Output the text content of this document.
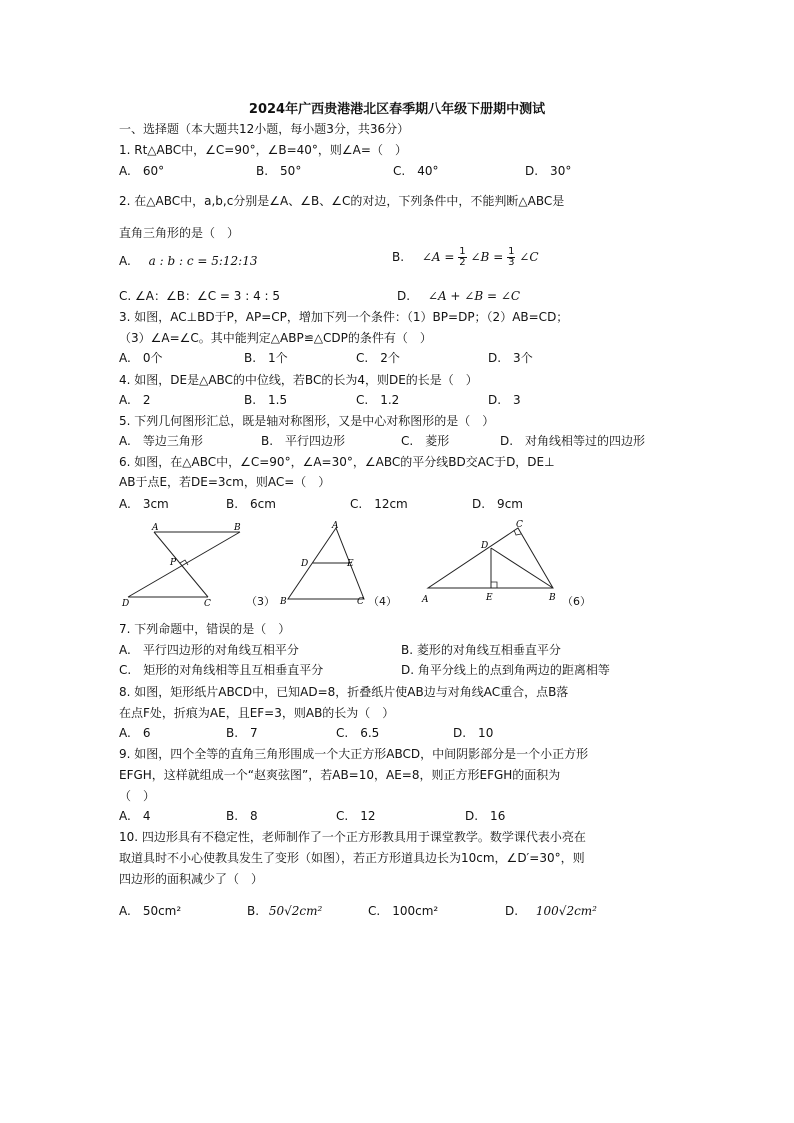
2024年广西贵港港北区春季期八年级下册期中测试
一、选择题（本大题共12小题，每小题3分，共36分）
1. Rt△ABC中，∠C=90°，∠B=40°，则∠A=（　）
A.　60°	B.　50°	C.　40°	D.　30°
2. 在△ABC中，a,b,c分别是∠A、∠B、∠C的对边，下列条件中，不能判断△ABC是
直角三角形的是（　）
A. a : b : c = 5:12:13	B. ∠A = $\frac{1}{2}$ ∠B = $\frac{1}{3}$ ∠C
C. ∠A：∠B：∠C = 3 : 4 : 5	D. ∠A + ∠B = ∠C
3. 如图，AC⊥BD于P，AP=CP，增加下列一个条件：（1）BP=DP；（2）AB=CD；
（3）∠A=∠C。其中能判定△ABP≌△CDP的条件有（　）
A.　0个	B.　1个	C.　2个	D.　3个
4. 如图，DE是△ABC的中位线，若BC的长为4，则DE的长是（　）
A.　2	B.　1.5	C.　1.2	D.　3
5. 下列几何图形汇总，既是轴对称图形，又是中心对称图形的是（　）
A.　等边三角形	B.　平行四边形	C.　菱形	D.　对角线相等过的四边形
6. 如图，在△ABC中，∠C=90°，∠A=30°，∠ABC的平分线BD交AC于D，DE⊥
AB于点E，若DE=3cm，则AC=（　）
A.　3cm	B.　6cm	C.　12cm	D.　9cm
A	B
P
D	C	（3）
A
D	E
B	C （4）
C
D
A	E	B （6）
7. 下列命题中，错误的是（　）
A.　平行四边形的对角线互相平分	B. 菱形的对角线互相垂直平分
C.　矩形的对角线相等且互相垂直平分	D. 角平分线上的点到角两边的距离相等
8. 如图，矩形纸片ABCD中，已知AD=8，折叠纸片使AB边与对角线AC重合，点B落
在点F处，折痕为AE，且EF=3，则AB的长为（　）
A.　6	B.　7	C.　6.5	D.　10
9. 如图，四个全等的直角三角形围成一个大正方形ABCD，中间阴影部分是一个小正方形
EFGH，这样就组成一个“赵爽弦图”，若AB=10，AE=8，则正方形EFGH的面积为
（　）
A.　4	B.　8	C.　12	D.　16
10. 四边形具有不稳定性，老师制作了一个正方形教具用于课堂教学。数学课代表小亮在
取道具时不小心使教具发生了变形（如图），若正方形道具边长为10cm，∠D′=30°，则
四边形的面积减少了（　）
A.　50cm²	B. 50√2cm²	C.　100cm²	D. 100√2cm²
